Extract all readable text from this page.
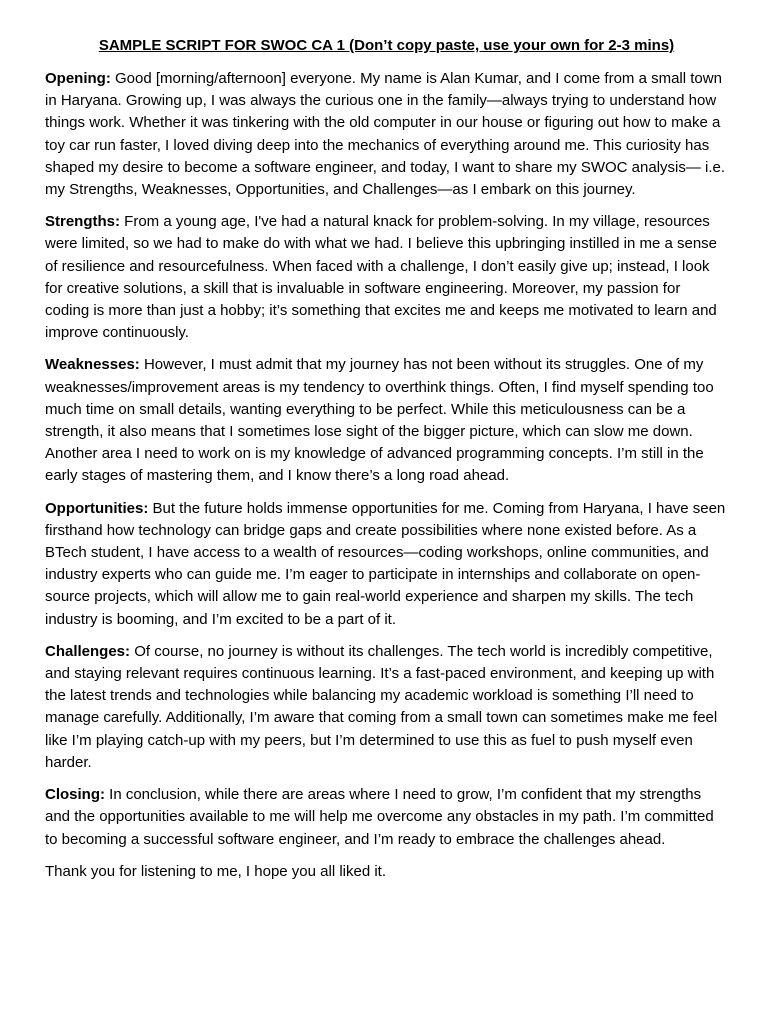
SAMPLE SCRIPT FOR SWOC CA 1 (Don’t copy paste, use your own for 2-3 mins)

Opening: Good [morning/afternoon] everyone. My name is Alan Kumar, and I come from a small town in Haryana. Growing up, I was always the curious one in the family—always trying to understand how things work. Whether it was tinkering with the old computer in our house or figuring out how to make a toy car run faster, I loved diving deep into the mechanics of everything around me. This curiosity has shaped my desire to become a software engineer, and today, I want to share my SWOC analysis— i.e. my Strengths, Weaknesses, Opportunities, and Challenges—as I embark on this journey.

Strengths: From a young age, I've had a natural knack for problem-solving. In my village, resources were limited, so we had to make do with what we had. I believe this upbringing instilled in me a sense of resilience and resourcefulness. When faced with a challenge, I don’t easily give up; instead, I look for creative solutions, a skill that is invaluable in software engineering. Moreover, my passion for coding is more than just a hobby; it’s something that excites me and keeps me motivated to learn and improve continuously.

Weaknesses: However, I must admit that my journey has not been without its struggles. One of my weaknesses/improvement areas is my tendency to overthink things. Often, I find myself spending too much time on small details, wanting everything to be perfect. While this meticulousness can be a strength, it also means that I sometimes lose sight of the bigger picture, which can slow me down. Another area I need to work on is my knowledge of advanced programming concepts. I’m still in the early stages of mastering them, and I know there’s a long road ahead.

Opportunities: But the future holds immense opportunities for me. Coming from Haryana, I have seen firsthand how technology can bridge gaps and create possibilities where none existed before. As a BTech student, I have access to a wealth of resources—coding workshops, online communities, and industry experts who can guide me. I’m eager to participate in internships and collaborate on open-source projects, which will allow me to gain real-world experience and sharpen my skills. The tech industry is booming, and I’m excited to be a part of it.

Challenges: Of course, no journey is without its challenges. The tech world is incredibly competitive, and staying relevant requires continuous learning. It’s a fast-paced environment, and keeping up with the latest trends and technologies while balancing my academic workload is something I’ll need to manage carefully. Additionally, I’m aware that coming from a small town can sometimes make me feel like I’m playing catch-up with my peers, but I’m determined to use this as fuel to push myself even harder.

Closing: In conclusion, while there are areas where I need to grow, I’m confident that my strengths and the opportunities available to me will help me overcome any obstacles in my path. I’m committed to becoming a successful software engineer, and I’m ready to embrace the challenges ahead.

Thank you for listening to me, I hope you all liked it.
